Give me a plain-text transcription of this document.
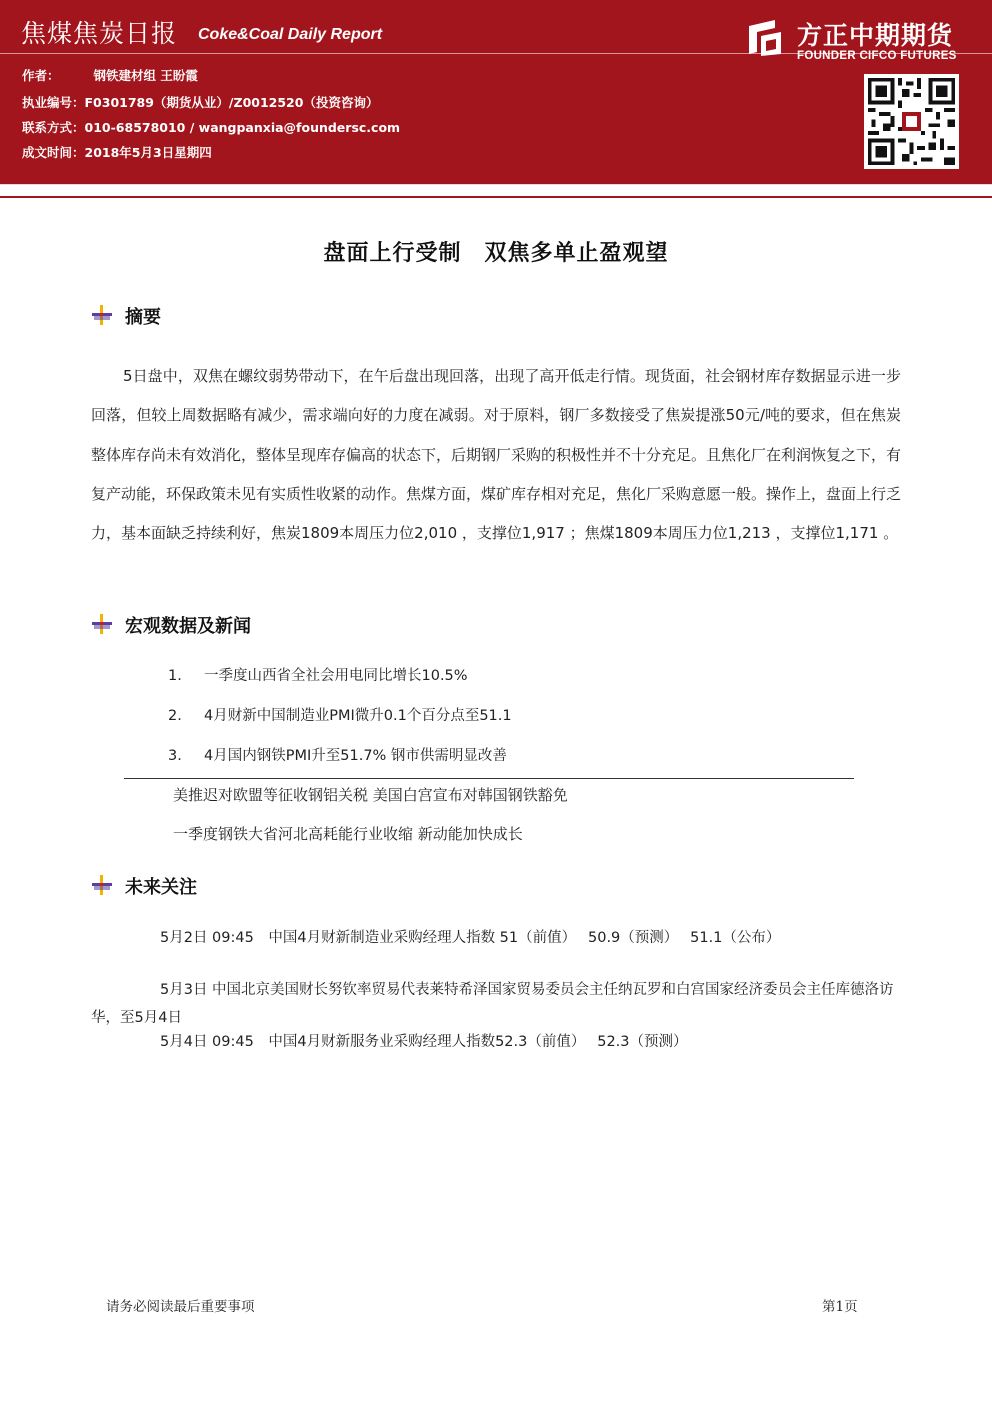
焦煤焦炭日报 Coke&Coal Daily Report
作者：	钢铁建材组 王盼霞
执业编号：F0301789（期货从业）/Z0012520（投资咨询）
联系方式：010-68578010 / wangpanxia@foundersc.com
成文时间：2018年5月3日星期四
方正中期期货
FOUNDER CIFCO FUTURES
盘面上行受制　双焦多单止盈观望
摘要
5日盘中，双焦在螺纹弱势带动下，在午后盘出现回落，出现了高开低走行情。现货面，社会钢材库存数据显示进一步回落，但较上周数据略有减少，需求端向好的力度在减弱。对于原料，钢厂多数接受了焦炭提涨50元/吨的要求，但在焦炭整体库存尚未有效消化，整体呈现库存偏高的状态下，后期钢厂采购的积极性并不十分充足。且焦化厂在利润恢复之下，有复产动能，环保政策未见有实质性收紧的动作。焦煤方面，煤矿库存相对充足，焦化厂采购意愿一般。操作上，盘面上行乏力，基本面缺乏持续利好，焦炭1809本周压力位2,010 ，支撑位1,917 ；焦煤1809本周压力位1,213 ，支撑位1,171 。
宏观数据及新闻
1. 一季度山西省全社会用电同比增长10.5%
2. 4月财新中国制造业PMI微升0.1个百分点至51.1
3. 4月国内钢铁PMI升至51.7% 钢市供需明显改善
美推迟对欧盟等征收钢铝关税 美国白宫宣布对韩国钢铁豁免
一季度钢铁大省河北高耗能行业收缩 新动能加快成长
未来关注

5月2日 09:45　中国4月财新制造业采购经理人指数 51（前值）　 50.9（预测）　 51.1（公布）

5月3日 中国北京美国财长努钦率贸易代表莱特希泽国家贸易委员会主任纳瓦罗和白宫国家经济委员会主任库德洛访华，至5月4日

5月4日 09:45　中国4月财新服务业采购经理人指数52.3（前值）　 52.3（预测）

请务必阅读最后重要事项	第1页
